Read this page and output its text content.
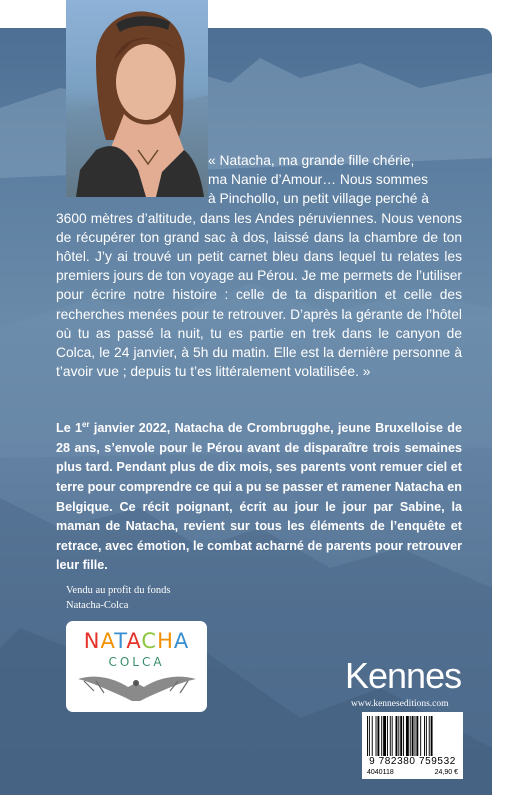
« Natacha, ma grande fille chérie,
ma Nanie d’Amour… Nous sommes
à Pinchollo, un petit village perché à
3600 mètres d’altitude, dans les Andes péruviennes. Nous venons de récupérer ton grand sac à dos, laissé dans la chambre de ton hôtel. J’y ai trouvé un petit carnet bleu dans lequel tu relates les premiers jours de ton voyage au Pérou. Je me permets de l’utiliser pour écrire notre histoire : celle de ta disparition et celle des recherches menées pour te retrouver. D’après la gérante de l’hôtel où tu as passé la nuit, tu es partie en trek dans le canyon de Colca, le 24 janvier, à 5h du matin. Elle est la dernière personne à t’avoir vue ; depuis tu t’es littéralement volatilisée. »

Le 1er janvier 2022, Natacha de Crombrugghe, jeune Bruxelloise de 28 ans, s’envole pour le Pérou avant de disparaître trois semaines plus tard. Pendant plus de dix mois, ses parents vont remuer ciel et terre pour comprendre ce qui a pu se passer et ramener Natacha en Belgique. Ce récit poignant, écrit au jour le jour par Sabine, la maman de Natacha, revient sur tous les éléments de l’enquête et retrace, avec émotion, le combat acharné de parents pour retrouver leur fille.
Vendu au profit du fonds
Natacha-Colca
NATACHA
COLCA	Kennes
www.kenneseditions.com
9 782380 759532
4040118	24,90 €
